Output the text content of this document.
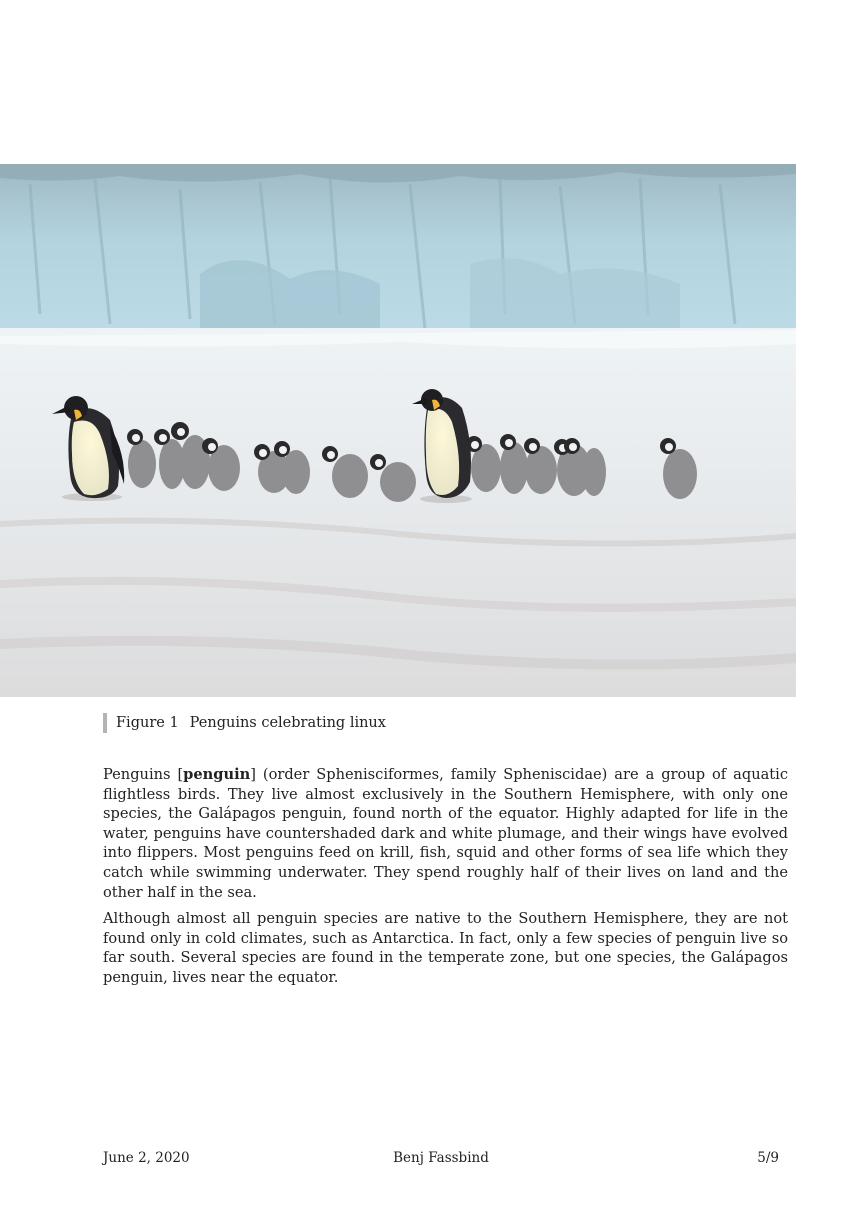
Figure 1 Penguins celebrating linux

Penguins [penguin] (order Sphenisciformes, family Spheniscidae) are a group of aquatic flightless birds. They live almost exclusively in the Southern Hemisphere, with only one species, the Galápagos penguin, found north of the equator. Highly adapted for life in the water, penguins have countershaded dark and white plumage, and their wings have evolved into flippers. Most penguins feed on krill, fish, squid and other forms of sea life which they catch while swimming underwater. They spend roughly half of their lives on land and the other half in the sea.

Although almost all penguin species are native to the Southern Hemisphere, they are not found only in cold climates, such as Antarctica. In fact, only a few species of penguin live so far south. Several species are found in the temperate zone, but one species, the Galápagos penguin, lives near the equator.

June 2, 2020	Benj Fassbind	5/9
